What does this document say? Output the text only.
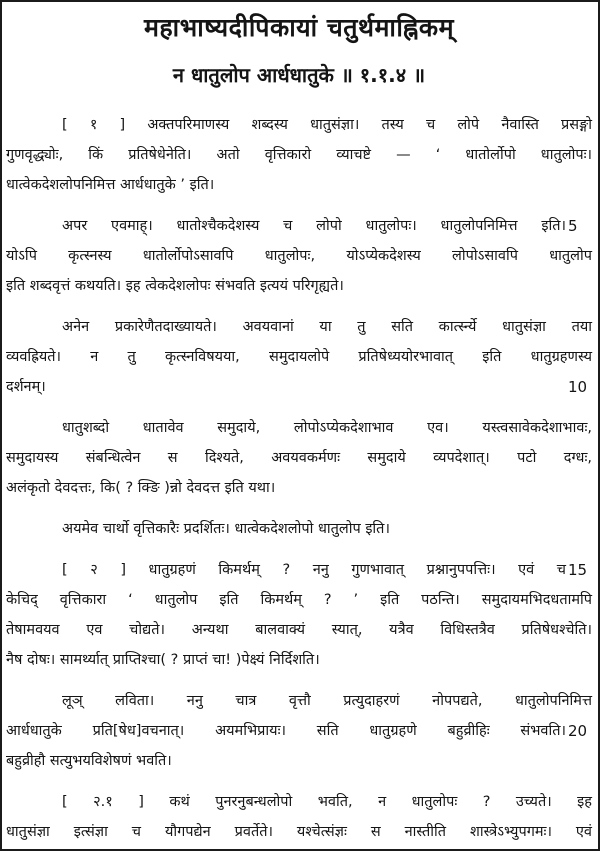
महाभाष्यदीपिकायां चतुर्थमाह्निकम्
न धातुलोप आर्धधातुके ॥ १.१.४ ॥
[ १ ] अक्तपरिमाणस्य शब्दस्य धातुसंज्ञा। तस्य च लोपे नैवास्ति प्रसङ्गो
गुणवृद्ध्योः, किं प्रतिषेधेनेति। अतो वृत्तिकारो व्याचष्टे — ‘ धातोर्लोपो धातुलोपः।
धात्वेकदेशलोपनिमित्त आर्धधातुके ’ इति।
अपर एवमाह्। धातोश्चैकदेशस्य च लोपो धातुलोपः। धातुलोपनिमित्त इति। 5
योऽपि कृत्स्नस्य धातोर्लोपोऽसावपि धातुलोपः, योऽप्येकदेशस्य लोपोऽसावपि धातुलोप
इति शब्दवृत्तं कथयति। इह त्वेकदेशलोपः संभवति इत्ययं परिगृह्यते।
अनेन प्रकारेणैतदाख्यायते। अवयवानां या तु सति कार्त्स्न्ये धातुसंज्ञा तया
व्यवह्रियते। न तु कृत्स्नविषयया, समुदायलोपे प्रतिषेध्ययोरभावात् इति धातुग्रहणस्य
दर्शनम्।	10
धातुशब्दो धातावेव समुदाये, लोपोऽप्येकदेशाभाव एव। यस्त्वसावेकदेशाभावः,
समुदायस्य संबन्धित्वेन स दिश्यते, अवयवकर्मणः समुदाये व्यपदेशात्। पटो दग्धः,
अलंकृतो देवदत्तः, कि( ? क्ङि )न्नो देवदत्त इति यथा।
अयमेव चार्थो वृत्तिकारैः प्रदर्शितः। धात्वेकदेशलोपो धातुलोप इति।
[ २ ] धातुग्रहणं किमर्थम् ? ननु गुणभावात् प्रश्नानुपपत्तिः। एवं च 15
केचिद् वृत्तिकारा ‘ धातुलोप इति किमर्थम् ? ’ इति पठन्ति। समुदायमभिदधतामपि
तेषामवयव एव चोद्यते। अन्यथा बालवाक्यं स्यात्, यत्रैव विधिस्तत्रैव प्रतिषेधश्चेति।
नैष दोषः। सामर्थ्यात् प्राप्तिश्चा( ? प्राप्तं चा! )पेक्ष्यं निर्दिशति।
लूञ् लविता। ननु चात्र वृत्तौ प्रत्युदाहरणं नोपपद्यते, धातुलोपनिमित्त
आर्धधातुके प्रति[षेध]वचनात्। अयमभिप्रायः। सति धातुग्रहणे बहुव्रीहिः संभवति। 20
बहुव्रीहौ सत्युभयविशेषणं भवति।
[ २.१ ] कथं पुनरनुबन्धलोपो भवति, न धातुलोपः ? उच्यते। इह
धातुसंज्ञा इत्संज्ञा च यौगपद्येन प्रवर्तेते। यश्चेत्संज्ञः स नास्तीति शास्त्रेऽभ्युपगमः। एवं
